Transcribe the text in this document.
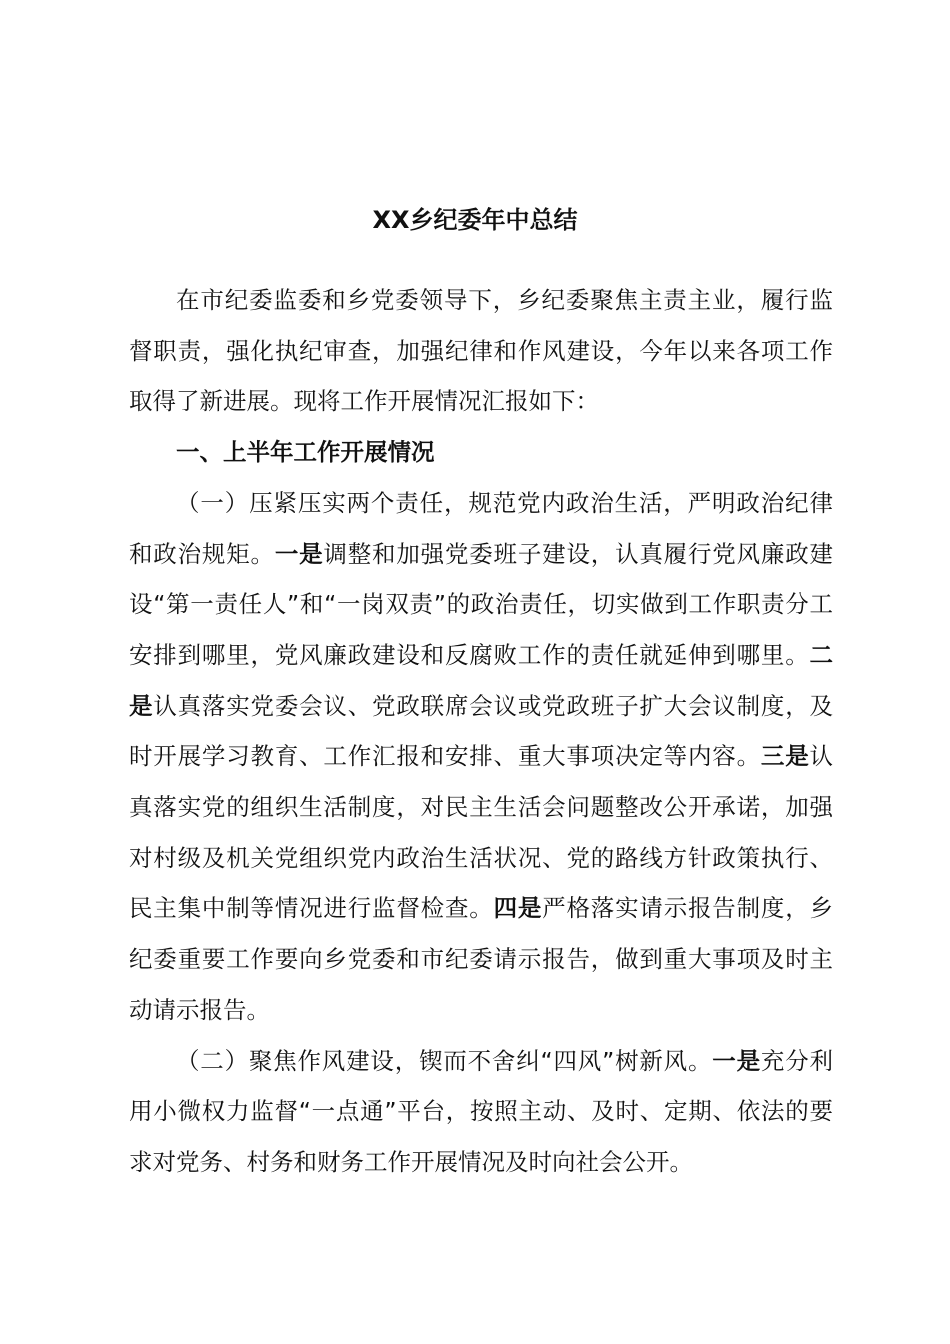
XX乡纪委年中总结

在市纪委监委和乡党委领导下，乡纪委聚焦主责主业，履行监督职责，强化执纪审查，加强纪律和作风建设，今年以来各项工作取得了新进展。现将工作开展情况汇报如下：

一、上半年工作开展情况

（一）压紧压实两个责任，规范党内政治生活，严明政治纪律和政治规矩。一是调整和加强党委班子建设，认真履行党风廉政建设“第一责任人”和“一岗双责”的政治责任，切实做到工作职责分工安排到哪里，党风廉政建设和反腐败工作的责任就延伸到哪里。二是认真落实党委会议、党政联席会议或党政班子扩大会议制度，及时开展学习教育、工作汇报和安排、重大事项决定等内容。三是认真落实党的组织生活制度，对民主生活会问题整改公开承诺，加强对村级及机关党组织党内政治生活状况、党的路线方针政策执行、民主集中制等情况进行监督检查。四是严格落实请示报告制度，乡纪委重要工作要向乡党委和市纪委请示报告，做到重大事项及时主动请示报告。

（二）聚焦作风建设，锲而不舍纠“四风”树新风。一是充分利用小微权力监督“一点通”平台，按照主动、及时、定期、依法的要求对党务、村务和财务工作开展情况及时向社会公开。
